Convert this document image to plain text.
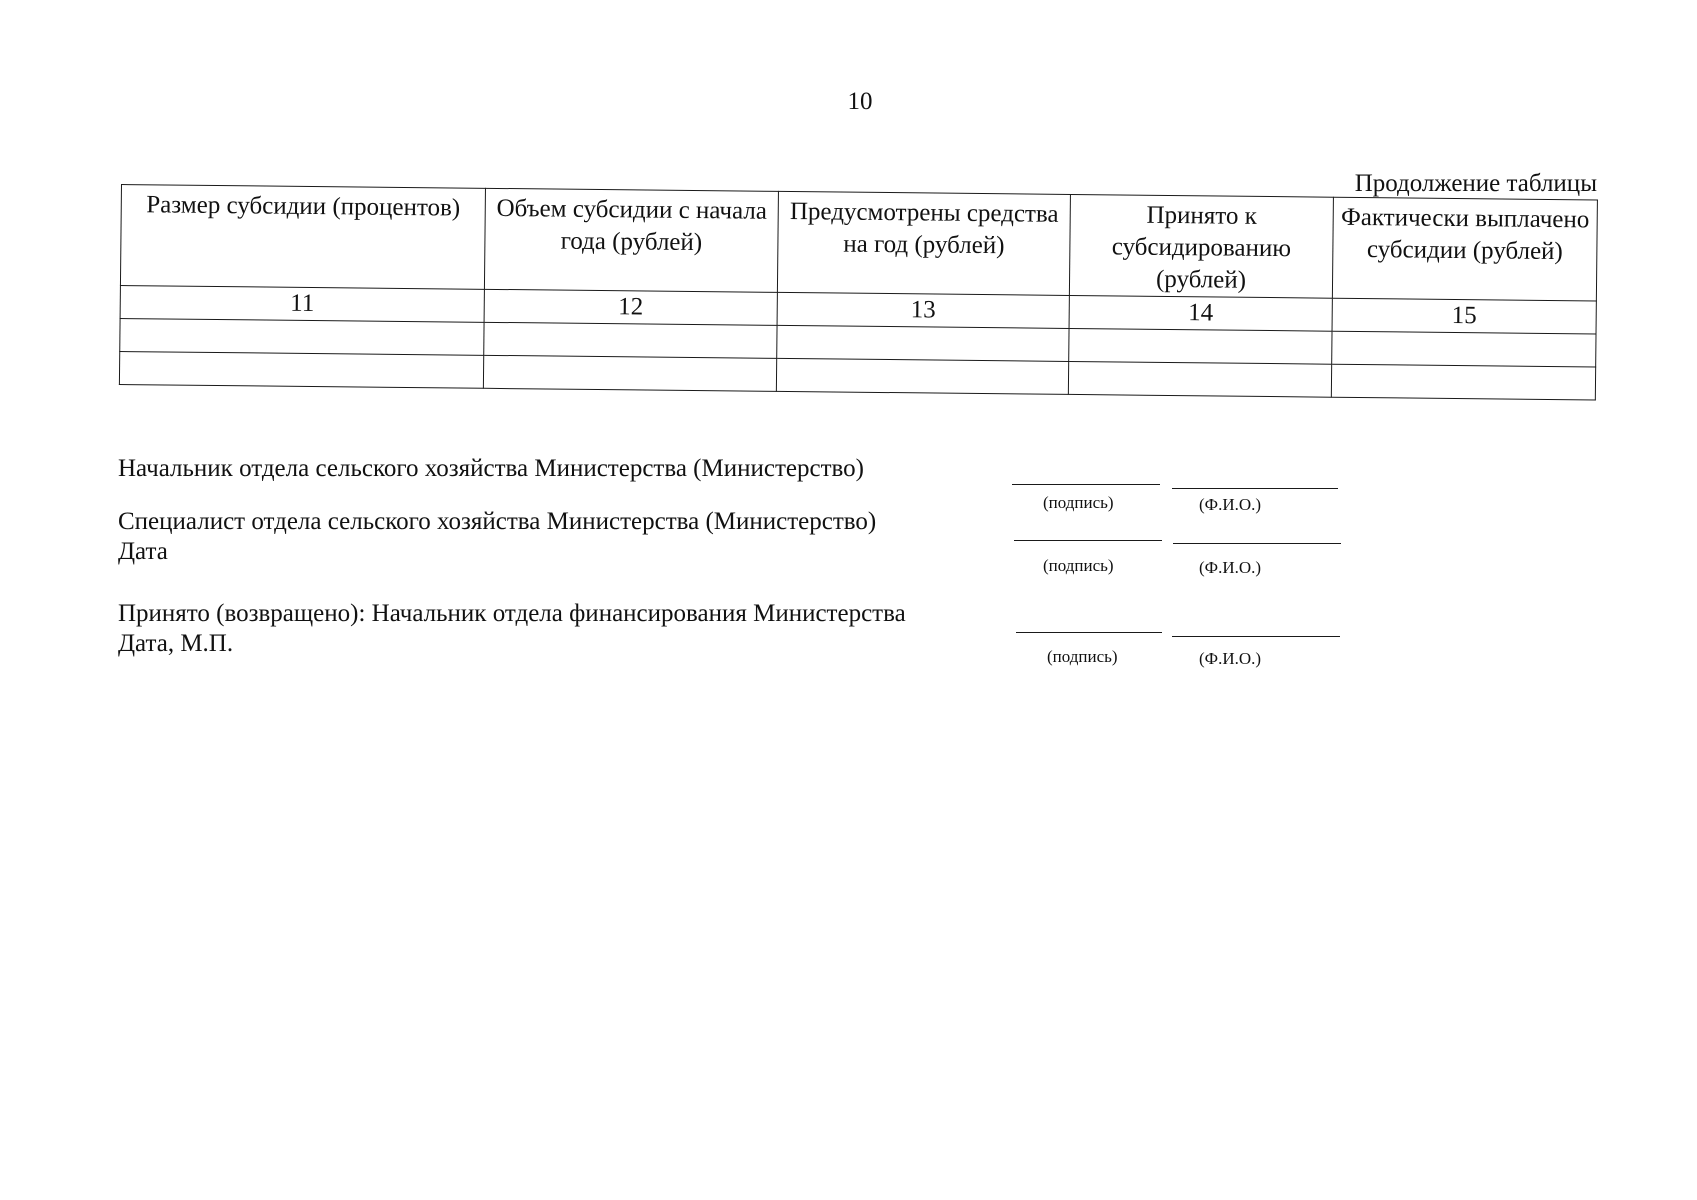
10
Продолжение таблицы
Размер субсидии (процентов)	Объем субсидии с начала года (рублей)	Предусмотрены средства на год (рублей)	Принято к субсидированию (рублей)	Фактически выплачено субсидии (рублей)
11	12	13	14	15

Начальник отдела сельского хозяйства Министерства (Министерство)
(подпись)	(Ф.И.О.)
Специалист отдела сельского хозяйства Министерства (Министерство)
Дата
(подпись)	(Ф.И.О.)
Принято (возвращено): Начальник отдела финансирования Министерства
Дата, М.П.	(подпись)	(Ф.И.О.)
